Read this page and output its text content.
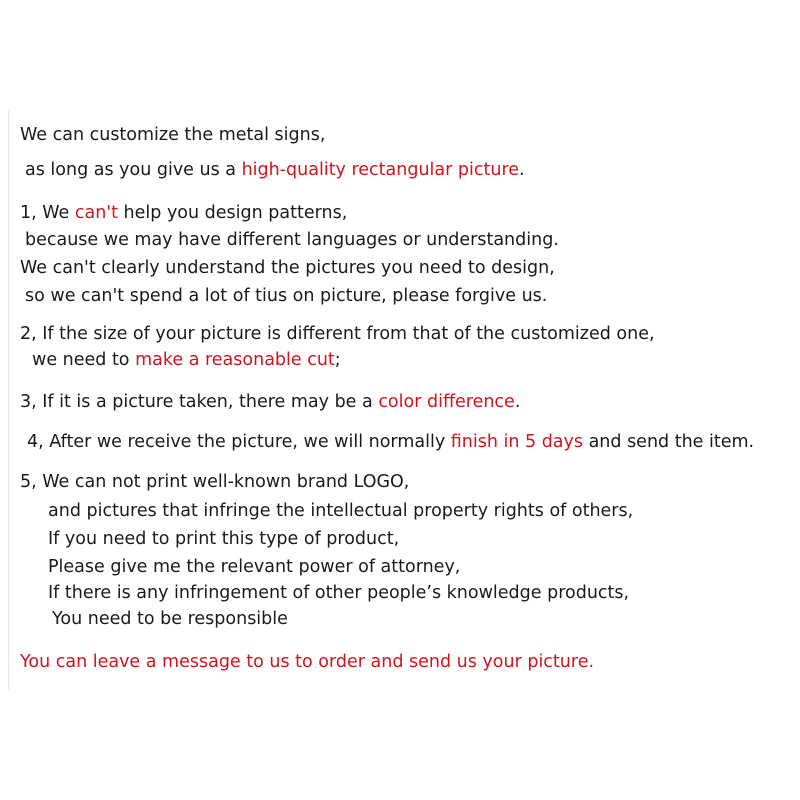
We can customize the metal signs,
as long as you give us a high-quality rectangular picture.
1, We can't help you design patterns,
because we may have different languages or understanding.
We can't clearly understand the pictures you need to design,
so we can't spend a lot of tius on picture, please forgive us.
2, If the size of your picture is different from that of the customized one,
we need to make a reasonable cut;
3, If it is a picture taken, there may be a color difference.
4, After we receive the picture, we will normally finish in 5 days and send the item.
5, We can not print well-known brand LOGO,
and pictures that infringe the intellectual property rights of others,
If you need to print this type of product,
Please give me the relevant power of attorney,
If there is any infringement of other people’s knowledge products,
You need to be responsible
You can leave a message to us to order and send us your picture.
